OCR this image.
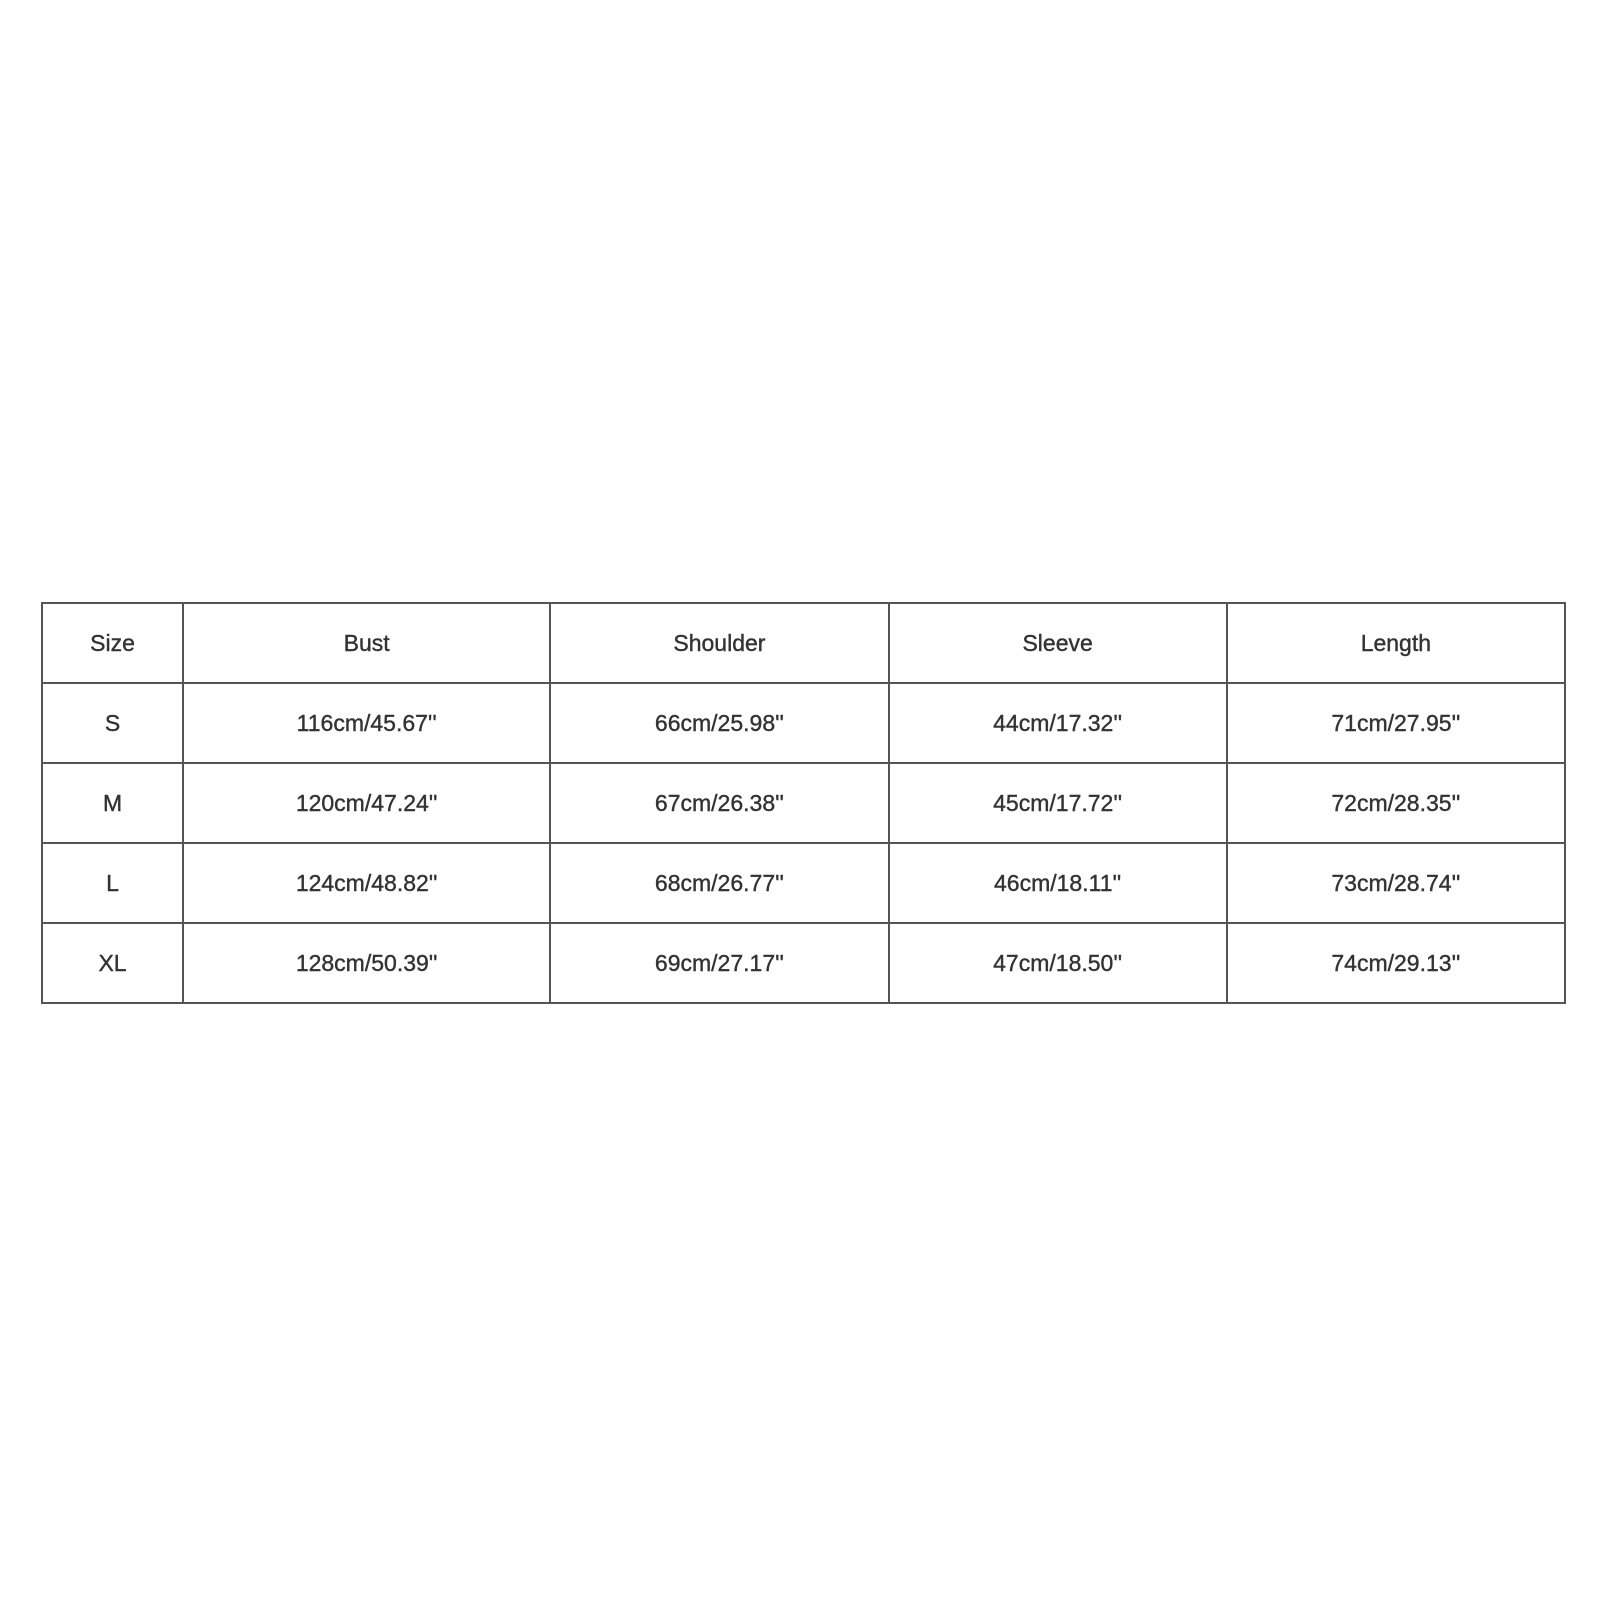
Size	Bust	Shoulder	Sleeve	Length
S	116cm/45.67''	66cm/25.98''	44cm/17.32''	71cm/27.95''
M	120cm/47.24''	67cm/26.38''	45cm/17.72''	72cm/28.35''
L	124cm/48.82''	68cm/26.77''	46cm/18.11''	73cm/28.74''
XL	128cm/50.39''	69cm/27.17''	47cm/18.50''	74cm/29.13''
